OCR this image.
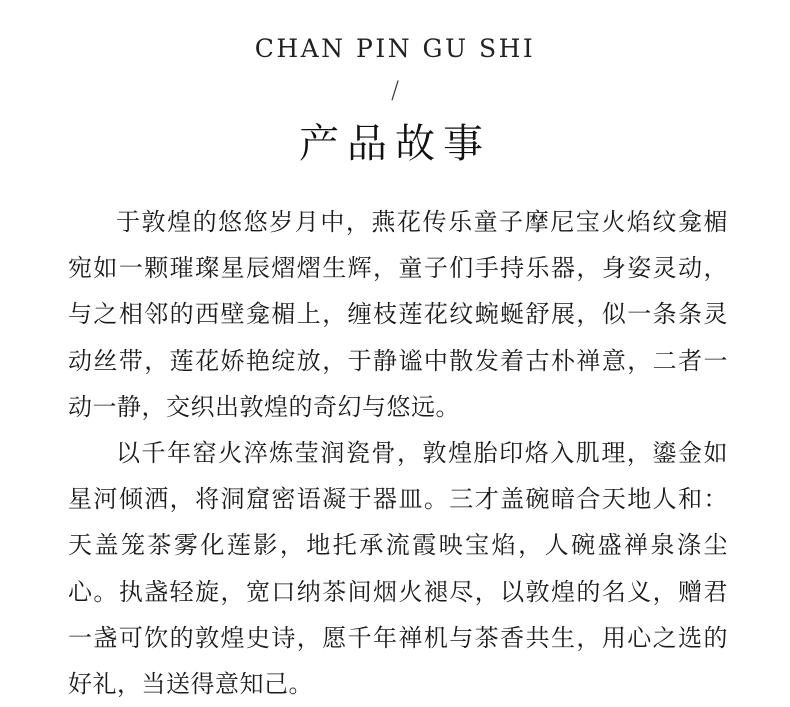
CHAN PIN GU SHI
/
产品故事

于敦煌的悠悠岁月中，燕花传乐童子摩尼宝火焰纹龛楣宛如一颗璀璨星辰熠熠生辉，童子们手持乐器，身姿灵动，与之相邻的西壁龛楣上，缠枝莲花纹蜿蜒舒展，似一条条灵动丝带，莲花娇艳绽放，于静谧中散发着古朴禅意，二者一动一静，交织出敦煌的奇幻与悠远。

以千年窑火淬炼莹润瓷骨，敦煌胎印烙入肌理，鎏金如星河倾洒，将洞窟密语凝于器皿。三才盖碗暗合天地人和：天盖笼茶雾化莲影，地托承流霞映宝焰，人碗盛禅泉涤尘心。执盏轻旋，宽口纳茶间烟火褪尽，以敦煌的名义，赠君一盏可饮的敦煌史诗，愿千年禅机与茶香共生，用心之选的好礼，当送得意知己。
